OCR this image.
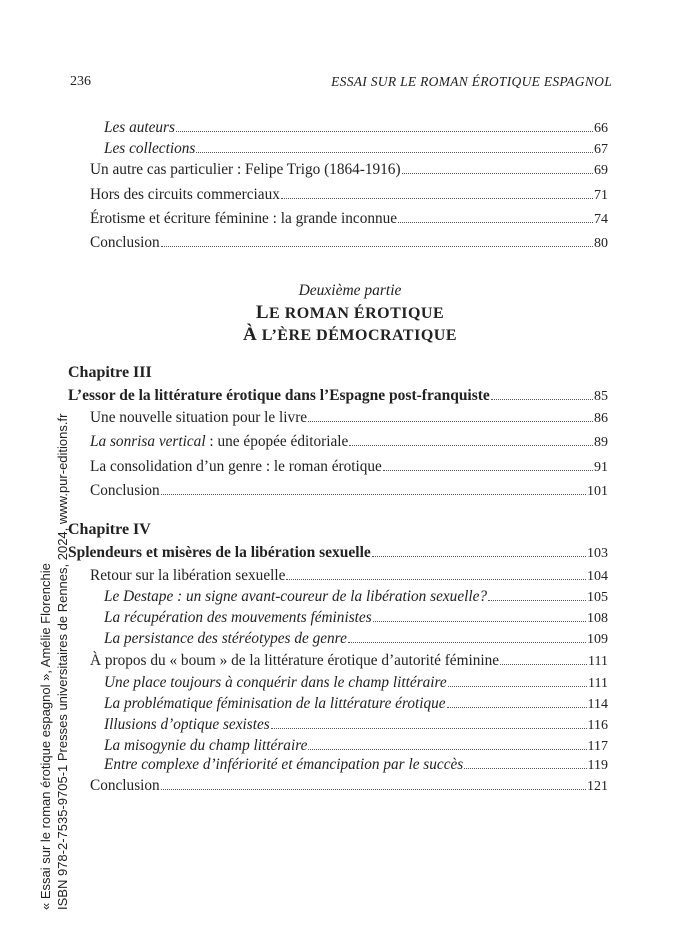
236	ESSAI SUR LE ROMAN ÉROTIQUE ESPAGNOL
Les auteurs	66
Les collections	67
Un autre cas particulier : Felipe Trigo (1864-1916)	69
Hors des circuits commerciaux	71
Érotisme et écriture féminine : la grande inconnue	74
Conclusion	80
Deuxième partie
LE ROMAN ÉROTIQUE
À L’ÈRE DÉMOCRATIQUE
Chapitre III
L’essor de la littérature érotique dans l’Espagne post-franquiste	85
Une nouvelle situation pour le livre	86
La sonrisa vertical : une épopée éditoriale	89
La consolidation d’un genre : le roman érotique	91
Conclusion	101
Chapitre IV
Splendeurs et misères de la libération sexuelle	103
Retour sur la libération sexuelle	104
Le Destape : un signe avant-coureur de la libération sexuelle?	105
La récupération des mouvements féministes	108
La persistance des stéréotypes de genre	109
À propos du « boum » de la littérature érotique d’autorité féminine	111
Une place toujours à conquérir dans le champ littéraire	111
La problématique féminisation de la littérature érotique	114
Illusions d’optique sexistes	116
La misogynie du champ littéraire	117
Entre complexe d’infériorité et émancipation par le succès	119
Conclusion	121
« Essai sur le roman érotique espagnol », Amélie Florenchie ISBN 978-2-7535-9705-1 Presses universitaires de Rennes, 2024, www.pur-editions.fr
